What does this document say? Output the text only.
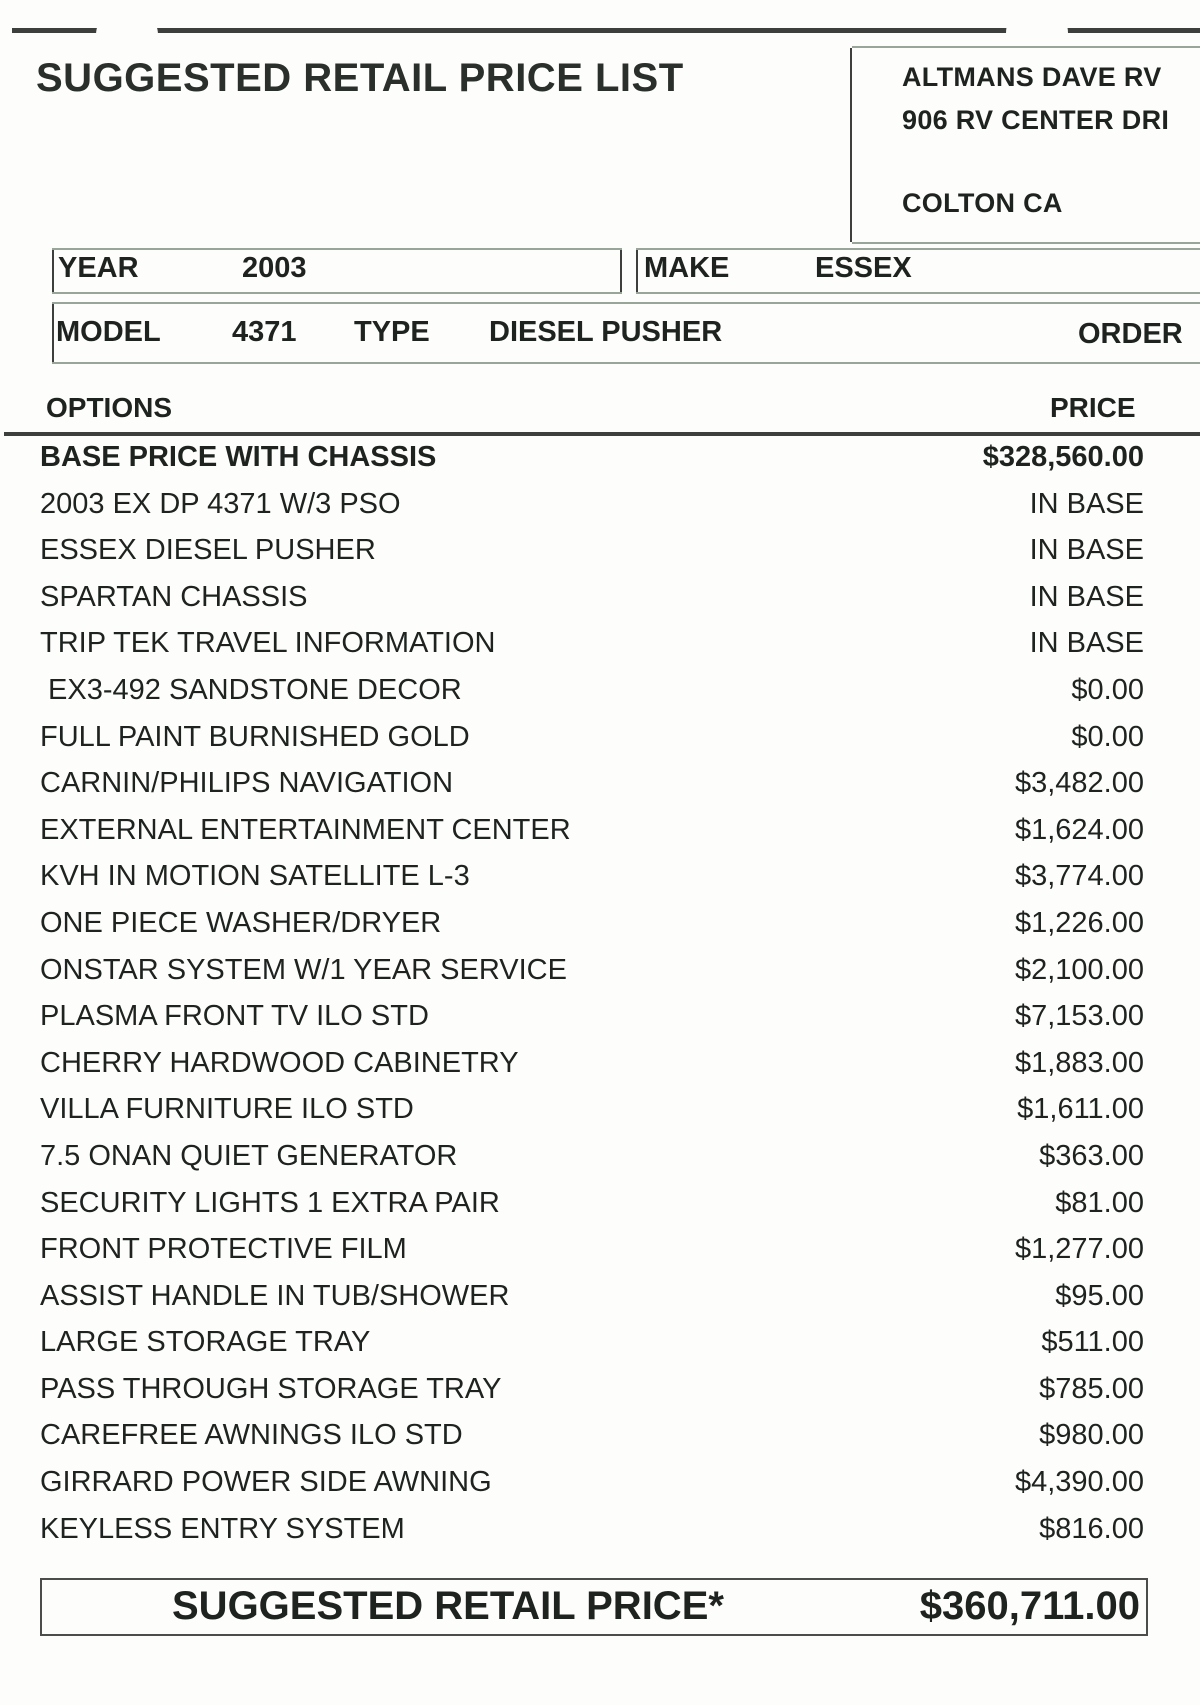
SUGGESTED RETAIL PRICE LIST	ALTMANS DAVE RV
906 RV CENTER DRI
COLTON CA
YEAR	2003	MAKE	ESSEX
MODEL 4371 TYPE DIESEL PUSHER	ORDER
OPTIONS	PRICE
BASE PRICE WITH CHASSIS	$328,560.00
2003 EX DP 4371 W/3 PSO	IN BASE
ESSEX DIESEL PUSHER	IN BASE
SPARTAN CHASSIS	IN BASE
TRIP TEK TRAVEL INFORMATION	IN BASE
EX3-492 SANDSTONE DECOR	$0.00
FULL PAINT BURNISHED GOLD	$0.00
CARNIN/PHILIPS NAVIGATION	$3,482.00
EXTERNAL ENTERTAINMENT CENTER	$1,624.00
KVH IN MOTION SATELLITE L-3	$3,774.00
ONE PIECE WASHER/DRYER	$1,226.00
ONSTAR SYSTEM W/1 YEAR SERVICE	$2,100.00
PLASMA FRONT TV ILO STD	$7,153.00
CHERRY HARDWOOD CABINETRY	$1,883.00
VILLA FURNITURE ILO STD	$1,611.00
7.5 ONAN QUIET GENERATOR	$363.00
SECURITY LIGHTS 1 EXTRA PAIR	$81.00
FRONT PROTECTIVE FILM	$1,277.00
ASSIST HANDLE IN TUB/SHOWER	$95.00
LARGE STORAGE TRAY	$511.00
PASS THROUGH STORAGE TRAY	$785.00
CAREFREE AWNINGS ILO STD	$980.00
GIRRARD POWER SIDE AWNING	$4,390.00
KEYLESS ENTRY SYSTEM	$816.00
SUGGESTED RETAIL PRICE*	$360,711.00
